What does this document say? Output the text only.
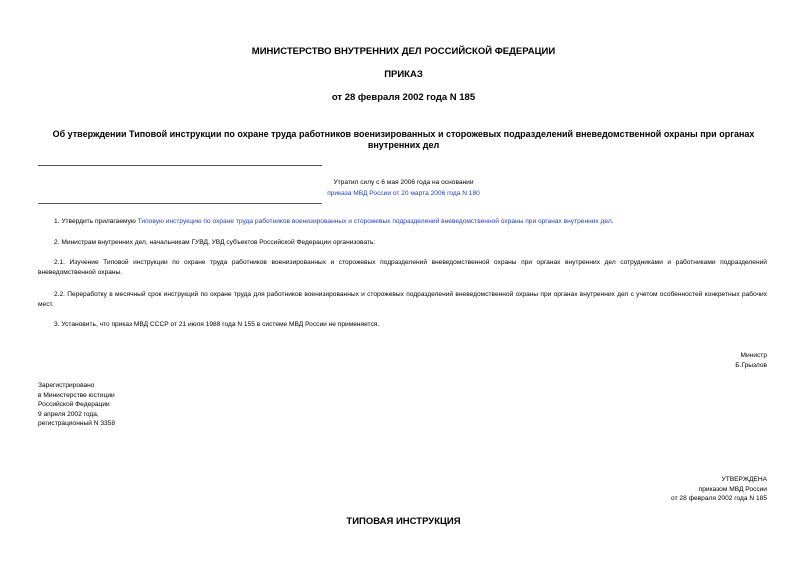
МИНИСТЕРСТВО ВНУТРЕННИХ ДЕЛ РОССИЙСКОЙ ФЕДЕРАЦИИ
ПРИКАЗ
от 28 февраля 2002 года N 185
Об утверждении Типовой инструкции по охране труда работников военизированных и сторожевых подразделений вневедомственной охраны при органах внутренних дел
Утратил силу с 6 мая 2006 года на основании
приказа МВД России от 20 марта 2006 года N 180
1. Утвердить прилагаемую Типовую инструкцию по охране труда работников военизированных и сторожевых подразделений вневедомственной охраны при органах внутренних дел.
2. Министрам внутренних дел, начальникам ГУВД, УВД субъектов Российской Федерации организовать:
2.1. Изучение Типовой инструкции по охране труда работников военизированных и сторожевых подразделений вневедомственной охраны при органах внутренних дел сотрудниками и работниками подразделений вневедомственной охраны.
2.2. Переработку в месячный срок инструкций по охране труда для работников военизированных и сторожевых подразделений вневедомственной охраны при органах внутренних дел с учетом особенностей конкретных рабочих мест.
3. Установить, что приказ МВД СССР от 21 июля 1988 года N 155 в системе МВД России не применяется.
Министр
Б.Грызлов
Зарегистрировано
в Министерстве юстиции
Российской Федерации
9 апреля 2002 года,
регистрационный N 3358
УТВЕРЖДЕНА
приказом МВД России
от 28 февраля 2002 года N 185
ТИПОВАЯ ИНСТРУКЦИЯ
